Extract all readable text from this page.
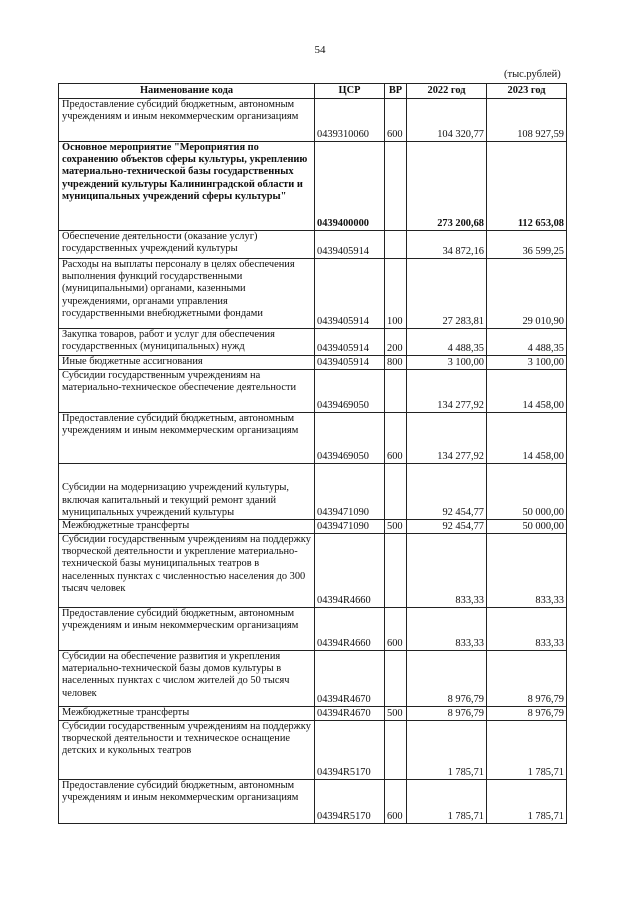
54
(тыс.рублей)
Наименование кода	ЦСР	ВР	2022 год	2023 год
Предоставление субсидий бюджетным, автономным учреждениям и иным некоммерческим организациям	0439310060	600	104 320,77	108 927,59
Основное мероприятие "Мероприятия по сохранению объектов сферы культуры, укреплению материально-технической базы государственных учреждений культуры Калининградской области и муниципальных учреждений сферы культуры"	0439400000		273 200,68	112 653,08
Обеспечение деятельности (оказание услуг) государственных учреждений культуры	0439405914		34 872,16	36 599,25
Расходы на выплаты персоналу в целях обеспечения выполнения функций государственными (муниципальными) органами, казенными учреждениями, органами управления государственными внебюджетными фондами	0439405914	100	27 283,81	29 010,90
Закупка товаров, работ и услуг для обеспечения государственных (муниципальных) нужд	0439405914	200	4 488,35	4 488,35
Иные бюджетные ассигнования	0439405914	800	3 100,00	3 100,00
Субсидии государственным учреждениям на материально-техническое обеспечение деятельности	0439469050		134 277,92	14 458,00
Предоставление субсидий бюджетным, автономным учреждениям и иным некоммерческим организациям	0439469050	600	134 277,92	14 458,00
Субсидии на модернизацию учреждений культуры, включая капитальный и текущий ремонт зданий муниципальных учреждений культуры	0439471090		92 454,77	50 000,00
Межбюджетные трансферты	0439471090	500	92 454,77	50 000,00
Субсидии государственным учреждениям на поддержку творческой деятельности и укрепление материально-технической базы муниципальных театров в населенных пунктах с численностью населения до 300 тысяч человек	04394R4660		833,33	833,33
Предоставление субсидий бюджетным, автономным учреждениям и иным некоммерческим организациям	04394R4660	600	833,33	833,33
Субсидии на обеспечение развития и укрепления материально-технической базы домов культуры в населенных пунктах с числом жителей до 50 тысяч человек	04394R4670		8 976,79	8 976,79
Межбюджетные трансферты	04394R4670	500	8 976,79	8 976,79
Субсидии государственным учреждениям на поддержку творческой деятельности и техническое оснащение детских и кукольных театров	04394R5170		1 785,71	1 785,71
Предоставление субсидий бюджетным, автономным учреждениям и иным некоммерческим организациям	04394R5170	600	1 785,71	1 785,71
